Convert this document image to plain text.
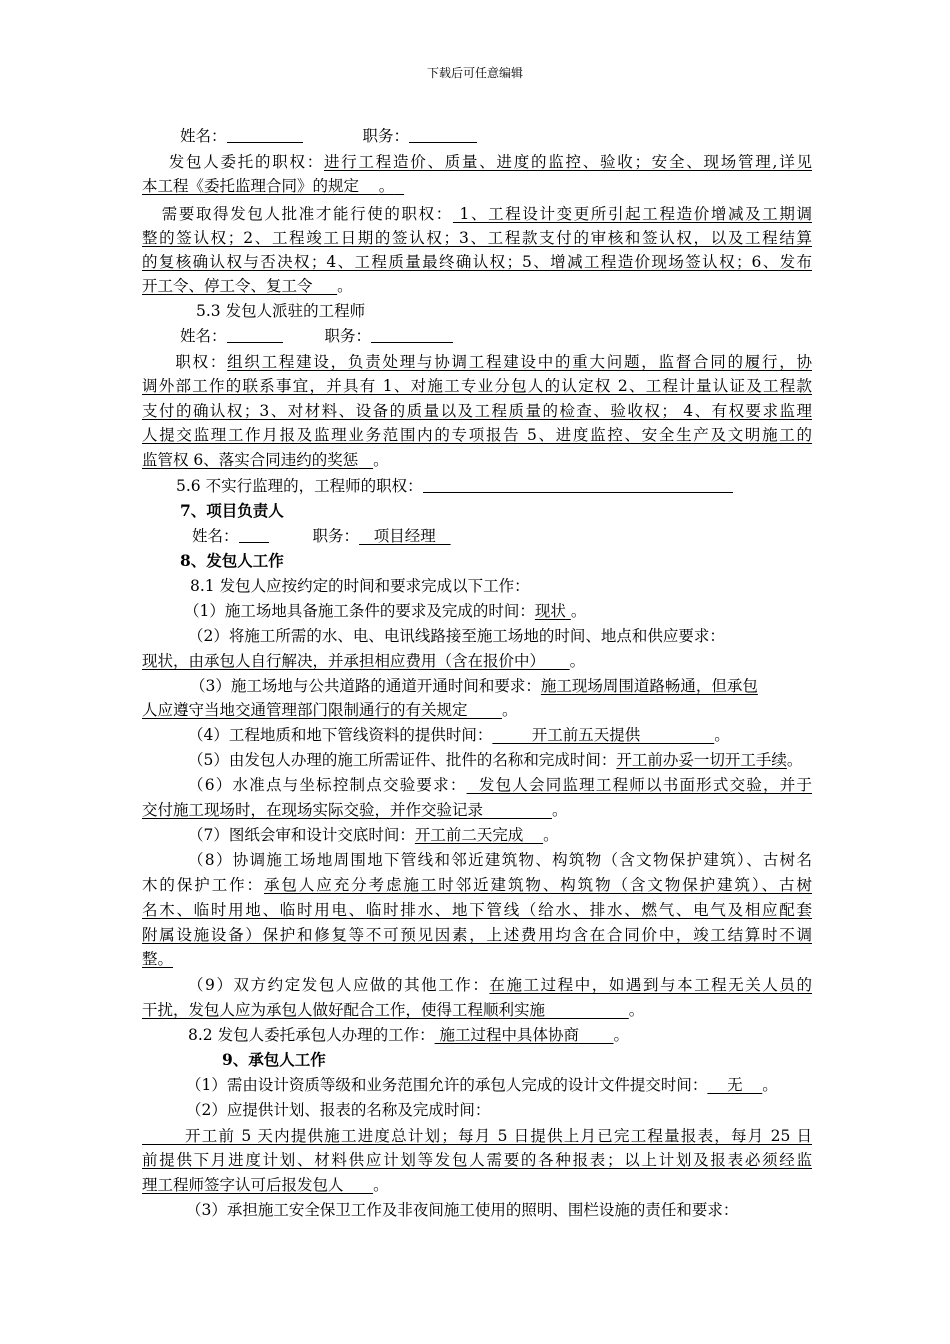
下载后可任意编辑

姓名：	职务：

发包人委托的职权：进行工程造价、质量、进度的监控、验收；安全、现场管理,详见

本工程《委托监理合同》的规定 。

需要取得发包人批准才能行使的职权： 1、工程设计变更所引起工程造价增减及工期调

整的签认权；2、工程竣工日期的签认权；3、工程款支付的审核和签认权，以及工程结算

的复核确认权与否决权；4、工程质量最终确认权；5、增减工程造价现场签认权；6、发布

开工令、停工令、复工令 。

5.3 发包人派驻的工程师

姓名：	职务：

职权：组织工程建设，负责处理与协调工程建设中的重大问题，监督合同的履行，协

调外部工作的联系事宜，并具有 1、对施工专业分包人的认定权 2、工程计量认证及工程款

支付的确认权；3、对材料、设备的质量以及工程质量的检查、验收权； 4、有权要求监理

人提交监理工作月报及监理业务范围内的专项报告 5、进度监控、安全生产及文明施工的

监管权 6、落实合同违约的奖惩 。

5.6 不实行监理的，工程师的职权：

7、项目负责人

姓名：	职务：   项目经理

8、发包人工作

8.1 发包人应按约定的时间和要求完成以下工作：

（1）施工场地具备施工条件的要求及完成的时间：现状 。

（2）将施工所需的水、电、电讯线路接至施工场地的时间、地点和供应要求：

现状，由承包人自行解决，并承担相应费用（含在报价中） 。

（3）施工场地与公共道路的通道开通时间和要求：施工现场周围道路畅通，但承包

人应遵守当地交通管理部门限制通行的有关规定 。

（4）工程地质和地下管线资料的提供时间：        开工前五天提供               。

（5）由发包人办理的施工所需证件、批件的名称和完成时间：开工前办妥一切开工手续。

（6）水准点与坐标控制点交验要求：  发包人会同监理工程师以书面形式交验，并于

交付施工现场时，在现场实际交验，并作交验记录	。

（7）图纸会审和设计交底时间：开工前二天完成 。

（8）协调施工场地周围地下管线和邻近建筑物、构筑物（含文物保护建筑）、古树名

木的保护工作：承包人应充分考虑施工时邻近建筑物、构筑物（含文物保护建筑）、古树

名木、临时用地、临时用电、临时排水、地下管线（给水、排水、燃气、电气及相应配套

附属设施设备）保护和修复等不可预见因素，上述费用均含在合同价中，竣工结算时不调

整。

（9）双方约定发包人应做的其他工作：在施工过程中，如遇到与本工程无关人员的

干扰，发包人应为承包人做好配合工作，使得工程顺利实施	。

8.2 发包人委托承包人办理的工作： 施工过程中具体协商       。

9、承包人工作

（1）需由设计资质等级和业务范围允许的承包人完成的设计文件提交时间：    无    。

（2）应提供计划、报表的名称及完成时间：

开工前 5 天内提供施工进度总计划；每月 5 日提供上月已完工程量报表，每月 25 日

前提供下月进度计划、材料供应计划等发包人需要的各种报表；以上计划及报表必须经监

理工程师签字认可后报发包人 。

（3）承担施工安全保卫工作及非夜间施工使用的照明、围栏设施的责任和要求：
